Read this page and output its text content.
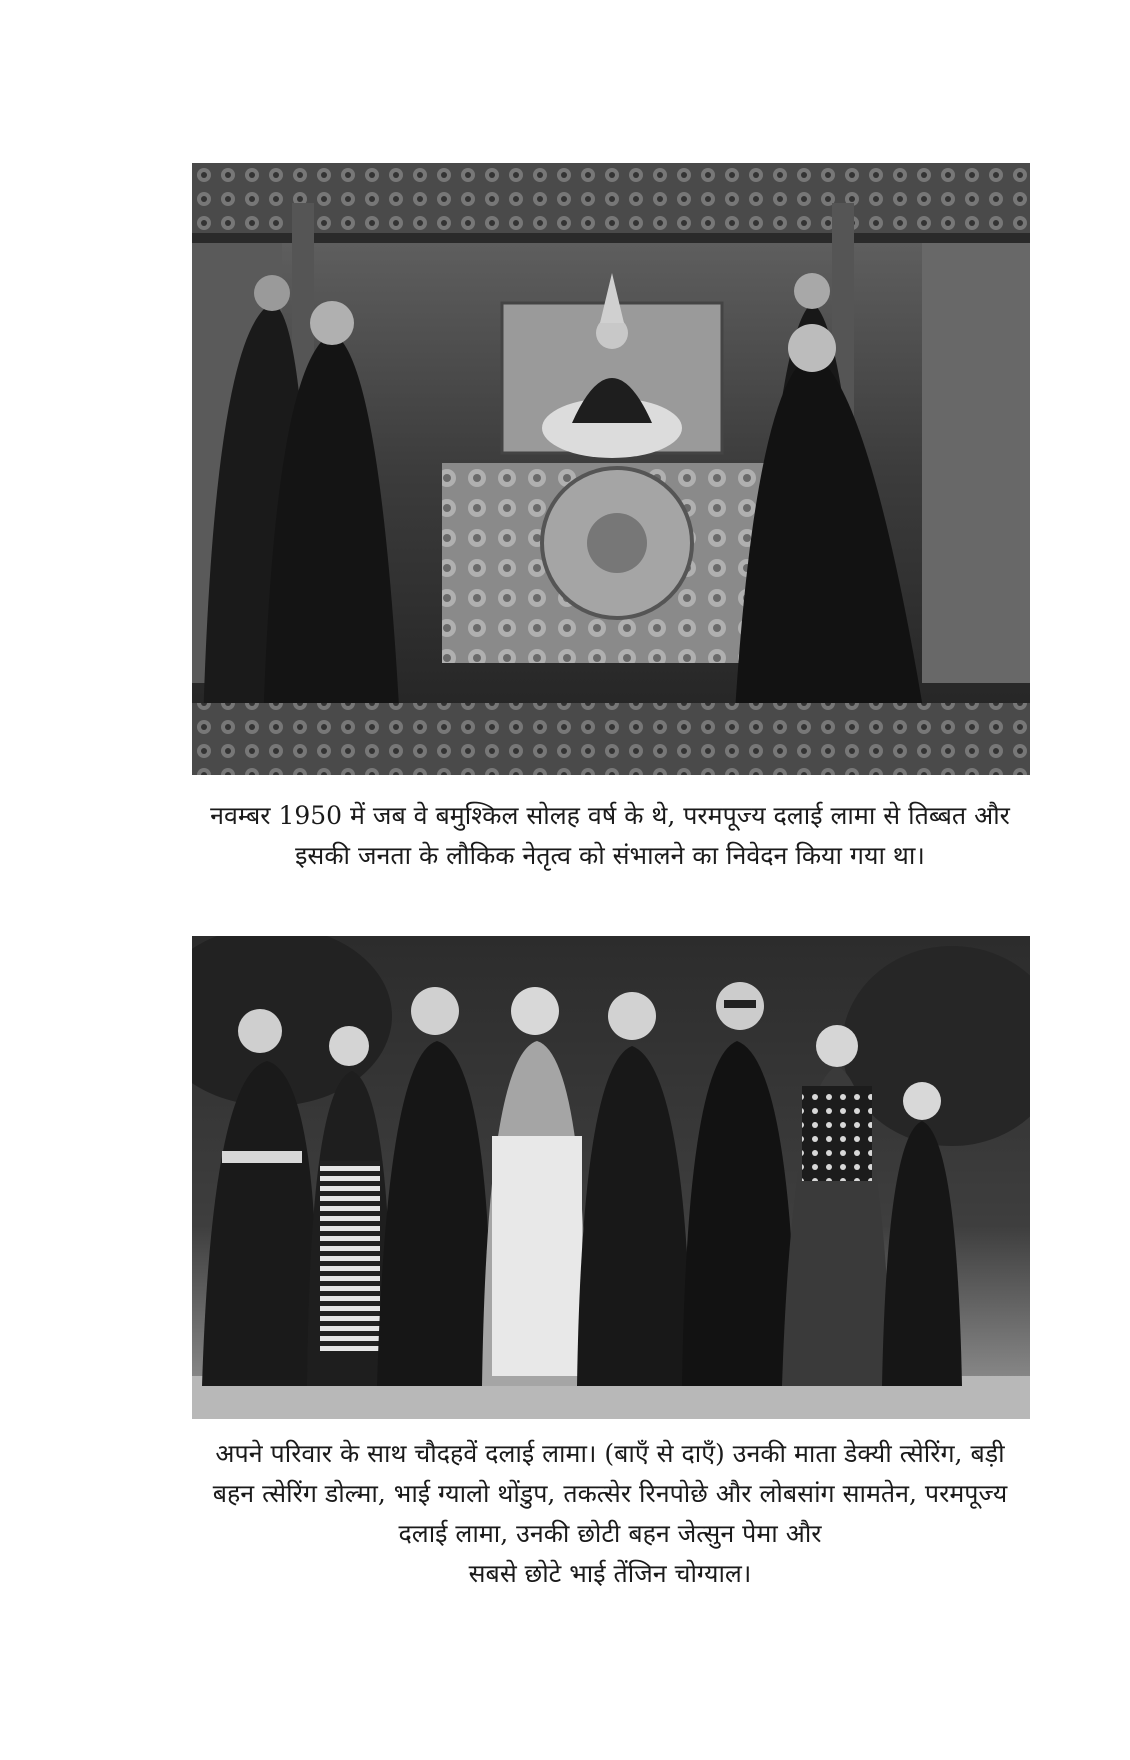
नवम्बर 1950 में जब वे बमुश्किल सोलह वर्ष के थे, परमपूज्य दलाई लामा से तिब्बत और
इसकी जनता के लौकिक नेतृत्व को संभालने का निवेदन किया गया था।
अपने परिवार के साथ चौदहवें दलाई लामा। (बाएँ से दाएँ) उनकी माता डेक्यी त्सेरिंग, बड़ी
बहन त्सेरिंग डोल्मा, भाई ग्यालो थोंडुप, तकत्सेर रिनपोछे और लोबसांग सामतेन, परमपूज्य
दलाई लामा, उनकी छोटी बहन जेत्सुन पेमा और
सबसे छोटे भाई तेंजिन चोग्याल।
